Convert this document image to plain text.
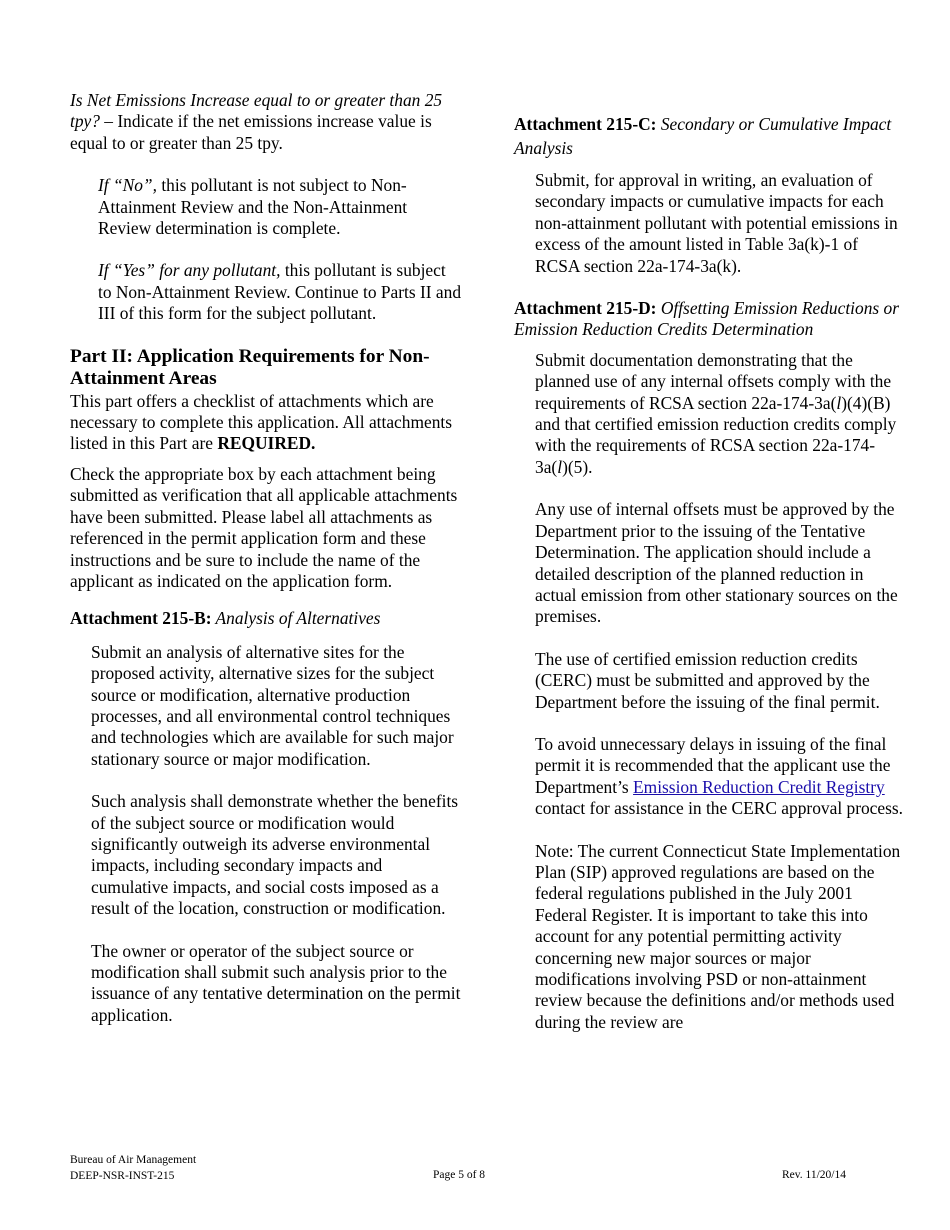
Is Net Emissions Increase equal to or greater than 25 tpy? – Indicate if the net emissions increase value is equal to or greater than 25 tpy.

If “No”, this pollutant is not subject to Non-Attainment Review and the Non-Attainment Review determination is complete.

If “Yes” for any pollutant, this pollutant is subject to Non-Attainment Review. Continue to Parts II and III of this form for the subject pollutant.

Part II: Application Requirements for Non-Attainment Areas

This part offers a checklist of attachments which are necessary to complete this application. All attachments listed in this Part are REQUIRED.

Check the appropriate box by each attachment being submitted as verification that all applicable attachments have been submitted. Please label all attachments as referenced in the permit application form and these instructions and be sure to include the name of the applicant as indicated on the application form.

Attachment 215-B: Analysis of Alternatives

Submit an analysis of alternative sites for the proposed activity, alternative sizes for the subject source or modification, alternative production processes, and all environmental control techniques and technologies which are available for such major stationary source or major modification.

Such analysis shall demonstrate whether the benefits of the subject source or modification would significantly outweigh its adverse environmental impacts, including secondary impacts and cumulative impacts, and social costs imposed as a result of the location, construction or modification.

The owner or operator of the subject source or modification shall submit such analysis prior to the issuance of any tentative determination on the permit application.

Attachment 215-C: Secondary or Cumulative Impact Analysis

Submit, for approval in writing, an evaluation of secondary impacts or cumulative impacts for each non-attainment pollutant with potential emissions in excess of the amount listed in Table 3a(k)-1 of RCSA section 22a-174-3a(k).

Attachment 215-D: Offsetting Emission Reductions or Emission Reduction Credits Determination

Submit documentation demonstrating that the planned use of any internal offsets comply with the requirements of RCSA section 22a-174-3a(l)(4)(B) and that certified emission reduction credits comply with the requirements of RCSA section 22a-174-3a(l)(5).

Any use of internal offsets must be approved by the Department prior to the issuing of the Tentative Determination. The application should include a detailed description of the planned reduction in actual emission from other stationary sources on the premises.

The use of certified emission reduction credits (CERC) must be submitted and approved by the Department before the issuing of the final permit.

To avoid unnecessary delays in issuing of the final permit it is recommended that the applicant use the Department’s Emission Reduction Credit Registry contact for assistance in the CERC approval process.

Note: The current Connecticut State Implementation Plan (SIP) approved regulations are based on the federal regulations published in the July 2001 Federal Register. It is important to take this into account for any potential permitting activity concerning new major sources or major modifications involving PSD or non-attainment review because the definitions and/or methods used during the review are

Bureau of Air Management
DEEP-NSR-INST-215	Page 5 of 8	Rev. 11/20/14
